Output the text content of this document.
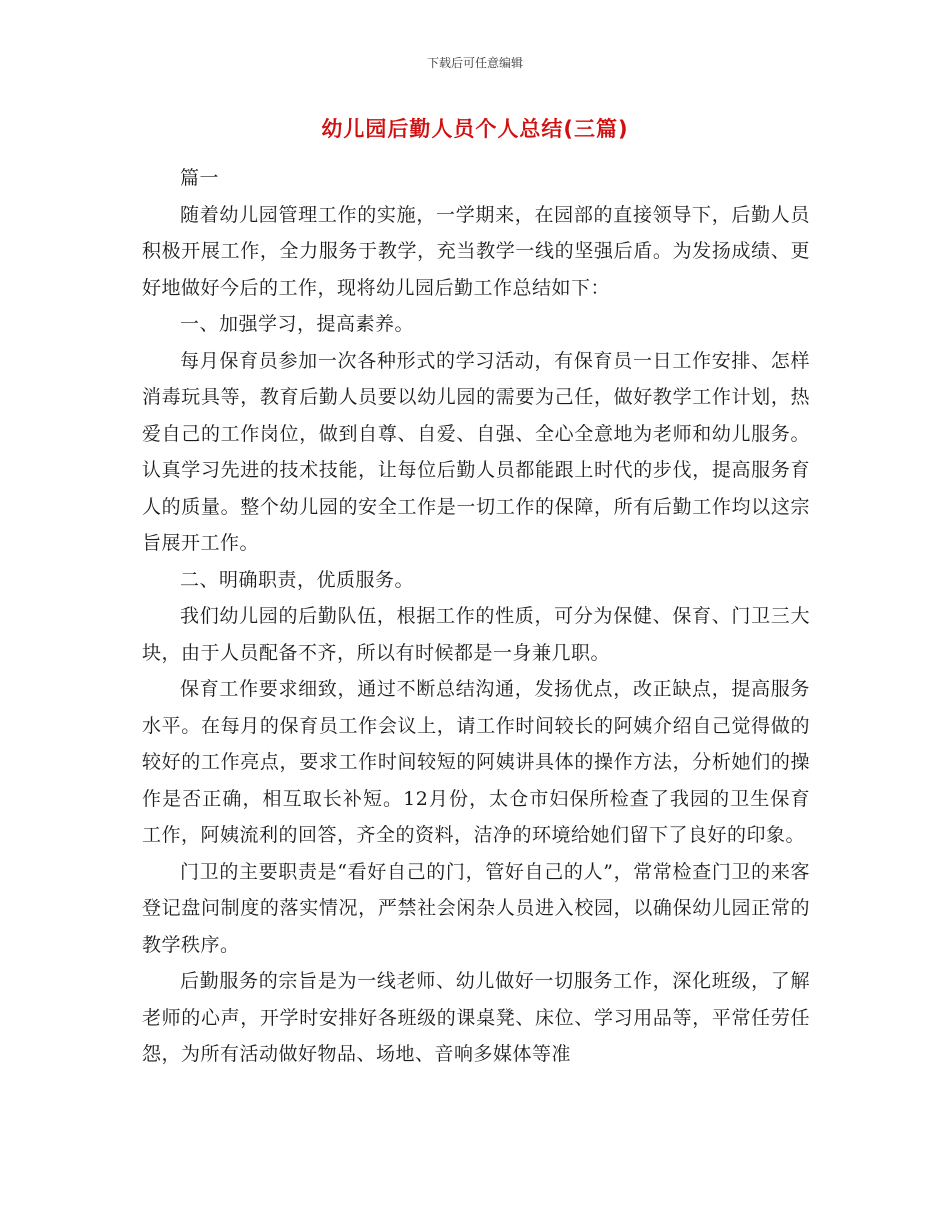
下载后可任意编辑
幼儿园后勤人员个人总结(三篇)

篇一

随着幼儿园管理工作的实施，一学期来，在园部的直接领导下，后勤人员积极开展工作，全力服务于教学，充当教学一线的坚强后盾。为发扬成绩、更好地做好今后的工作，现将幼儿园后勤工作总结如下：

一、加强学习，提高素养。

每月保育员参加一次各种形式的学习活动，有保育员一日工作安排、怎样消毒玩具等，教育后勤人员要以幼儿园的需要为己任，做好教学工作计划，热爱自己的工作岗位，做到自尊、自爱、自强、全心全意地为老师和幼儿服务。认真学习先进的技术技能，让每位后勤人员都能跟上时代的步伐，提高服务育人的质量。整个幼儿园的安全工作是一切工作的保障，所有后勤工作均以这宗旨展开工作。

二、明确职责，优质服务。

我们幼儿园的后勤队伍，根据工作的性质，可分为保健、保育、门卫三大块，由于人员配备不齐，所以有时候都是一身兼几职。

保育工作要求细致，通过不断总结沟通，发扬优点，改正缺点，提高服务水平。在每月的保育员工作会议上，请工作时间较长的阿姨介绍自己觉得做的较好的工作亮点，要求工作时间较短的阿姨讲具体的操作方法，分析她们的操作是否正确，相互取长补短。12月份，太仓市妇保所检查了我园的卫生保育工作，阿姨流利的回答，齐全的资料，洁净的环境给她们留下了良好的印象。

门卫的主要职责是“看好自己的门，管好自己的人”，常常检查门卫的来客登记盘问制度的落实情况，严禁社会闲杂人员进入校园，以确保幼儿园正常的教学秩序。

后勤服务的宗旨是为一线老师、幼儿做好一切服务工作，深化班级，了解老师的心声，开学时安排好各班级的课桌凳、床位、学习用品等，平常任劳任怨，为所有活动做好物品、场地、音响多媒体等准
